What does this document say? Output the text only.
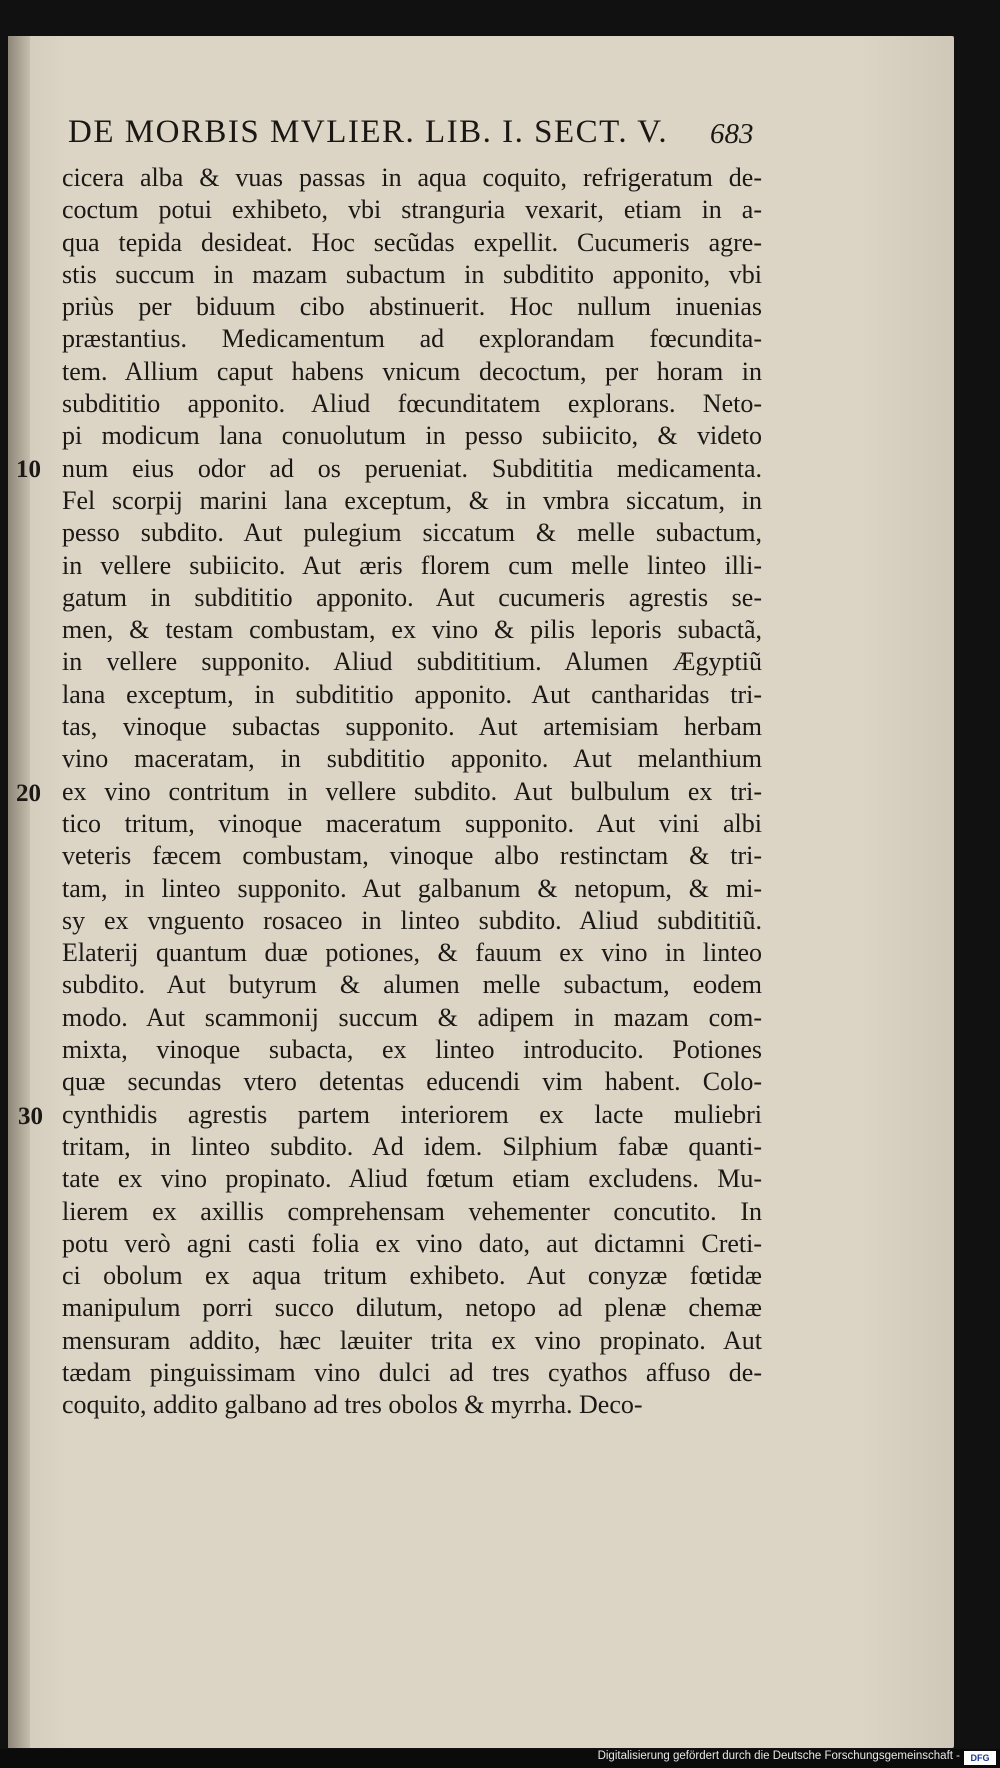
DE MORBIS MVLIER. LIB. I. SECT. V.	683
10
20
30
cicera alba & vuas passas in aqua coquito, refrigeratum de-
coctum potui exhibeto, vbi stranguria vexarit, etiam in a-
qua tepida desideat. Hoc secũdas expellit. Cucumeris agre-
stis succum in mazam subactum in subditito apponito, vbi
priùs per biduum cibo abstinuerit. Hoc nullum inuenias
præstantius. Medicamentum ad explorandam fœcundita-
tem. Allium caput habens vnicum decoctum, per horam in
subdititio apponito. Aliud fœcunditatem explorans. Neto-
pi modicum lana conuolutum in pesso subiicito, & videto
num eius odor ad os perueniat. Subdititia medicamenta.
Fel scorpij marini lana exceptum, & in vmbra siccatum, in
pesso subdito. Aut pulegium siccatum & melle subactum,
in vellere subiicito. Aut æris florem cum melle linteo illi-
gatum in subdititio apponito. Aut cucumeris agrestis se-
men, & testam combustam, ex vino & pilis leporis subactã,
in vellere supponito. Aliud subdititium. Alumen Ægyptiũ
lana exceptum, in subdititio apponito. Aut cantharidas tri-
tas, vinoque subactas supponito. Aut artemisiam herbam
vino maceratam, in subdititio apponito. Aut melanthium
ex vino contritum in vellere subdito. Aut bulbulum ex tri-
tico tritum, vinoque maceratum supponito. Aut vini albi
veteris fæcem combustam, vinoque albo restinctam & tri-
tam, in linteo supponito. Aut galbanum & netopum, & mi-
sy ex vnguento rosaceo in linteo subdito. Aliud subdititiũ.
Elaterij quantum duæ potiones, & fauum ex vino in linteo
subdito. Aut butyrum & alumen melle subactum, eodem
modo. Aut scammonij succum & adipem in mazam com-
mixta, vinoque subacta, ex linteo introducito. Potiones
quæ secundas vtero detentas educendi vim habent. Colo-
cynthidis agrestis partem interiorem ex lacte muliebri
tritam, in linteo subdito. Ad idem. Silphium fabæ quanti-
tate ex vino propinato. Aliud fœtum etiam excludens. Mu-
lierem ex axillis comprehensam vehementer concutito. In
potu verò agni casti folia ex vino dato, aut dictamni Creti-
ci obolum ex aqua tritum exhibeto. Aut conyzæ fœtidæ
manipulum porri succo dilutum, netopo ad plenæ chemæ
mensuram addito, hæc læuiter trita ex vino propinato. Aut
tædam pinguissimam vino dulci ad tres cyathos affuso de-
coquito, addito galbano ad tres obolos & myrrha. Deco-
Digitalisierung gefördert durch die Deutsche Forschungsgemeinschaft -	DFG
